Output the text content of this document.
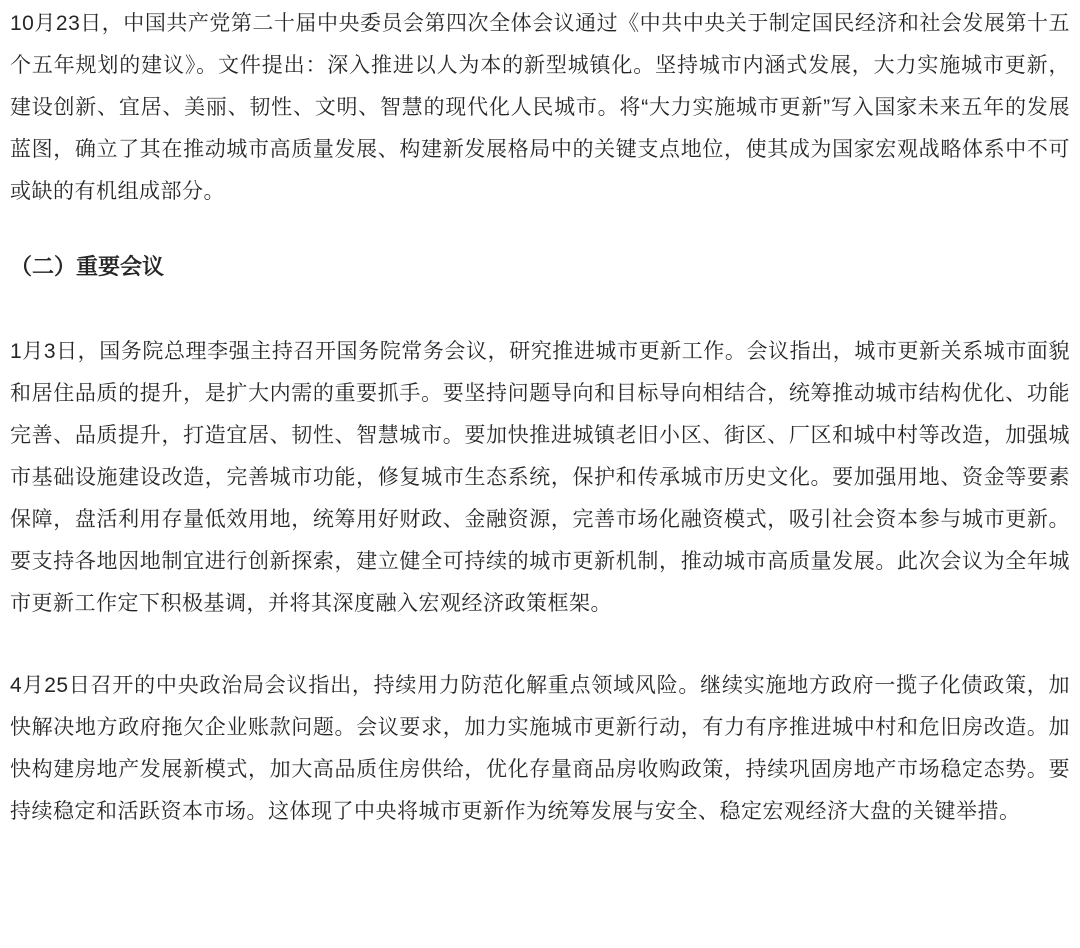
10月23日，中国共产党第二十届中央委员会第四次全体会议通过《中共中央关于制定国民经济和社会发展第十五个五年规划的建议》。文件提出：深入推进以人为本的新型城镇化。坚持城市内涵式发展，大力实施城市更新，建设创新、宜居、美丽、韧性、文明、智慧的现代化人民城市。将“大力实施城市更新”写入国家未来五年的发展蓝图，确立了其在推动城市高质量发展、构建新发展格局中的关键支点地位，使其成为国家宏观战略体系中不可或缺的有机组成部分。

（二）重要会议

1月3日，国务院总理李强主持召开国务院常务会议，研究推进城市更新工作。会议指出，城市更新关系城市面貌和居住品质的提升，是扩大内需的重要抓手。要坚持问题导向和目标导向相结合，统筹推动城市结构优化、功能完善、品质提升，打造宜居、韧性、智慧城市。要加快推进城镇老旧小区、街区、厂区和城中村等改造，加强城市基础设施建设改造，完善城市功能，修复城市生态系统，保护和传承城市历史文化。要加强用地、资金等要素保障，盘活利用存量低效用地，统筹用好财政、金融资源，完善市场化融资模式，吸引社会资本参与城市更新。要支持各地因地制宜进行创新探索，建立健全可持续的城市更新机制，推动城市高质量发展。此次会议为全年城市更新工作定下积极基调，并将其深度融入宏观经济政策框架。

4月25日召开的中央政治局会议指出，持续用力防范化解重点领域风险。继续实施地方政府一揽子化债政策，加快解决地方政府拖欠企业账款问题。会议要求，加力实施城市更新行动，有力有序推进城中村和危旧房改造。加快构建房地产发展新模式，加大高品质住房供给，优化存量商品房收购政策，持续巩固房地产市场稳定态势。要持续稳定和活跃资本市场。这体现了中央将城市更新作为统筹发展与安全、稳定宏观经济大盘的关键举措。
